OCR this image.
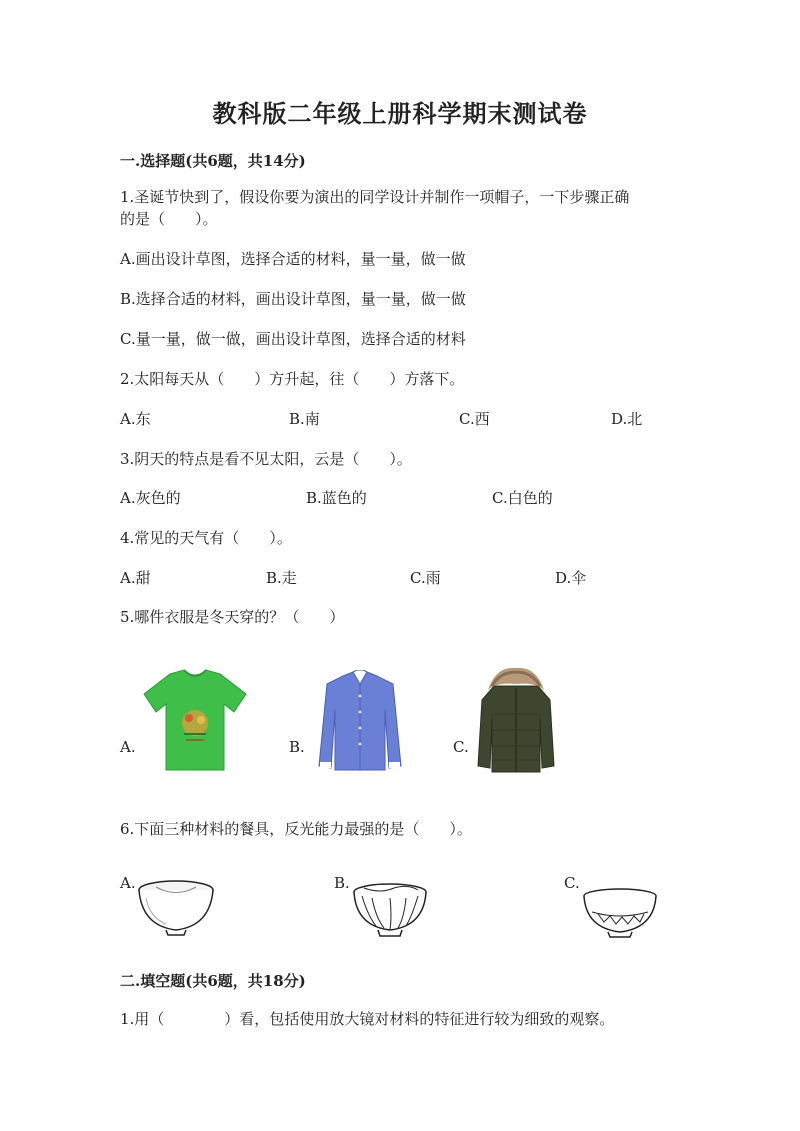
教科版二年级上册科学期末测试卷
一.选择题(共6题，共14分)
1.圣诞节快到了，假设你要为演出的同学设计并制作一项帽子，一下步骤正确
的是（　　）。
A.画出设计草图，选择合适的材料，量一量，做一做
B.选择合适的材料，画出设计草图，量一量，做一做
C.量一量，做一做，画出设计草图，选择合适的材料
2.太阳每天从（　　）方升起，往（　　）方落下。
A.东	B.南	C.西	D.北
3.阴天的特点是看不见太阳，云是（　　）。
A.灰色的	B.蓝色的	C.白色的
4.常见的天气有（　　）。
A.甜	B.走	C.雨	D.伞
5.哪件衣服是冬天穿的？（　　）
A.	B.	C.
6.下面三种材料的餐具，反光能力最强的是（　　）。
A.	B.	C.
二.填空题(共6题，共18分)
1.用（　　　　）看，包括使用放大镜对材料的特征进行较为细致的观察。
